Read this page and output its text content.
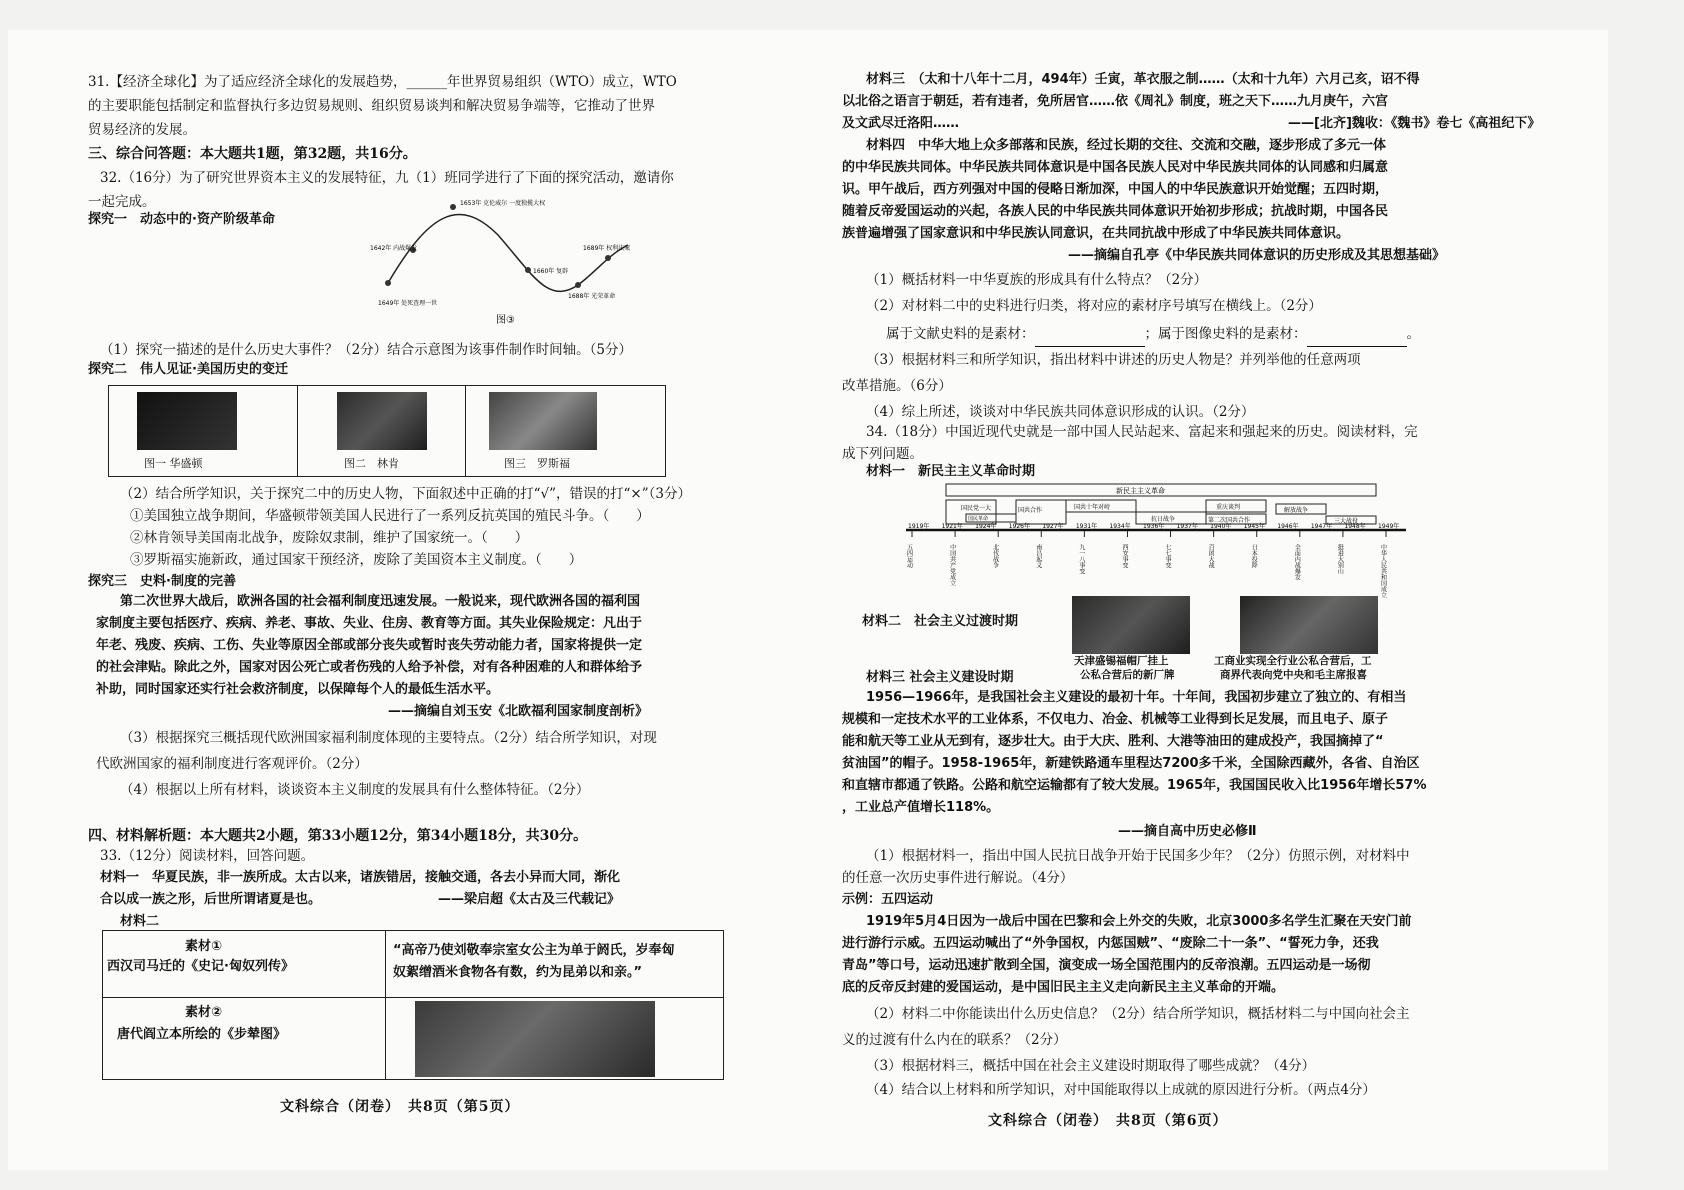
31.【经济全球化】为了适应经济全球化的发展趋势，______年世界贸易组织（WTO）成立，WTO
的主要职能包括制定和监督执行多边贸易规则、组织贸易谈判和解决贸易争端等，它推动了世界
贸易经济的发展。
三、综合问答题：本大题共1题，第32题，共16分。
32.（16分）为了研究世界资本主义的发展特征，九（1）班同学进行了下面的探究活动，邀请你
一起完成。
探究一　动态中的·资产阶级革命
1642年 内战爆发
1649年 处死查理一世
1653年 克伦威尔 一度独揽大权
1660年 复辟
1688年 光荣革命
1689年 权利法案
图③
（1）探究一描述的是什么历史大事件？（2分）结合示意图为该事件制作时间轴。（5分）
探究二　伟人见证·美国历史的变迁
图一 华盛顿	图二　林肯	图三　罗斯福
（2）结合所学知识，关于探究二中的历史人物，下面叙述中正确的打“√”，错误的打“×”（3分）
①美国独立战争期间，华盛顿带领美国人民进行了一系列反抗英国的殖民斗争。（　　）
②林肯领导美国南北战争，废除奴隶制，维护了国家统一。（　　）
③罗斯福实施新政，通过国家干预经济，废除了美国资本主义制度。（　　）
探究三　史料·制度的完善
第二次世界大战后，欧洲各国的社会福利制度迅速发展。一般说来，现代欧洲各国的福利国
家制度主要包括医疗、疾病、养老、事故、失业、住房、教育等方面。其失业保险规定：凡出于
年老、残废、疾病、工伤、失业等原因全部或部分丧失或暂时丧失劳动能力者，国家将提供一定
的社会津贴。除此之外，国家对因公死亡或者伤残的人给予补偿，对有各种困难的人和群体给予
补助，同时国家还实行社会救济制度，以保障每个人的最低生活水平。
——摘编自刘玉安《北欧福利国家制度剖析》
（3）根据探究三概括现代欧洲国家福利制度体现的主要特点。（2分）结合所学知识，对现
代欧洲国家的福利制度进行客观评价。（2分）
（4）根据以上所有材料，谈谈资本主义制度的发展具有什么整体特征。（2分）
四、材料解析题：本大题共2小题，第33小题12分，第34小题18分，共30分。
33.（12分）阅读材料，回答问题。
材料一　华夏民族，非一族所成。太古以来，诸族错居，接触交通，各去小异而大同，渐化
合以成一族之形，后世所谓诸夏是也。	——梁启超《太古及三代载记》
材料二
素材①
西汉司马迁的《史记·匈奴列传》
“高帝乃使刘敬奉宗室女公主为单于阏氏，岁奉匈
奴絮缯酒米食物各有数，约为昆弟以和亲。”
素材②
唐代阎立本所绘的《步辇图》
文科综合（闭卷）　共8页（第5页）
材料三　（太和十八年十二月，494年）壬寅，革衣服之制……（太和十九年）六月己亥，诏不得
以北俗之语言于朝廷，若有违者，免所居官……依《周礼》制度，班之天下……九月庚午，六宫
及文武尽迁洛阳……	——[北齐]魏收：《魏书》卷七《高祖纪下》
材料四　中华大地上众多部落和民族，经过长期的交往、交流和交融，逐步形成了多元一体
的中华民族共同体。中华民族共同体意识是中国各民族人民对中华民族共同体的认同感和归属意
识。甲午战后，西方列强对中国的侵略日渐加深，中国人的中华民族意识开始觉醒；五四时期，
随着反帝爱国运动的兴起，各族人民的中华民族共同体意识开始初步形成；抗战时期，中国各民
族普遍增强了国家意识和中华民族认同意识，在共同抗战中形成了中华民族共同体意识。
——摘编自孔亭《中华民族共同体意识的历史形成及其思想基础》
（1）概括材料一中华夏族的形成具有什么特点？（2分）
（2）对材料二中的史料进行归类，将对应的素材序号填写在横线上。（2分）
属于文献史料的是素材：	；属于图像史料的是素材：	。
（3）根据材料三和所学知识，指出材料中讲述的历史人物是？并列举他的任意两项
改革措施。（6分）
（4）综上所述，谈谈对中华民族共同体意识形成的认识。（2分）
34.（18分）中国近现代史就是一部中国人民站起来、富起来和强起来的历史。阅读材料，完
成下列问题。
材料一　新民主主义革命时期
新民主主义革命
国民党一大
国民革命
国共合作	国共十年对峙
抗日战争
重庆谈判
第二次国共合作
解放战争
三大战役
1919年 1921年 1924年 1926年 1927年 1931年 1934年 1936年 1937年 1940年 1945年 1946年 1947年 1948年 1949年
五四运动	中国共产党成立	北伐战争	南昌起义	九一八事变	西安事变	七七事变	百团大战	日本投降	全面内战爆发	挺进大别山	中华人民共和国成立
材料二　社会主义过渡时期
天津盛锡福帽厂挂上
公私合营后的新厂牌
工商业实现全行业公私合营后，工
商界代表向党中央和毛主席报喜
材料三 社会主义建设时期
1956—1966年，是我国社会主义建设的最初十年。十年间，我国初步建立了独立的、有相当
规模和一定技术水平的工业体系，不仅电力、冶金、机械等工业得到长足发展，而且电子、原子
能和航天等工业从无到有，逐步壮大。由于大庆、胜利、大港等油田的建成投产，我国摘掉了“
贫油国”的帽子。1958-1965年，新建铁路通车里程达7200多千米，全国除西藏外，各省、自治区
和直辖市都通了铁路。公路和航空运输都有了较大发展。1965年，我国国民收入比1956年增长57%
，工业总产值增长118%。
——摘自高中历史必修Ⅱ
（1）根据材料一，指出中国人民抗日战争开始于民国多少年？（2分）仿照示例，对材料中
的任意一次历史事件进行解说。（4分）
示例：五四运动
1919年5月4日因为一战后中国在巴黎和会上外交的失败，北京3000多名学生汇聚在天安门前
进行游行示威。五四运动喊出了“外争国权，内惩国贼”、“废除二十一条”、“誓死力争，还我
青岛”等口号，运动迅速扩散到全国，演变成一场全国范围内的反帝浪潮。五四运动是一场彻
底的反帝反封建的爱国运动，是中国旧民主主义走向新民主主义革命的开端。
（2）材料二中你能读出什么历史信息？（2分）结合所学知识，概括材料二与中国向社会主
义的过渡有什么内在的联系？（2分）
（3）根据材料三，概括中国在社会主义建设时期取得了哪些成就？（4分）
（4）结合以上材料和所学知识，对中国能取得以上成就的原因进行分析。（两点4分）
文科综合（闭卷）　共8页（第6页）
